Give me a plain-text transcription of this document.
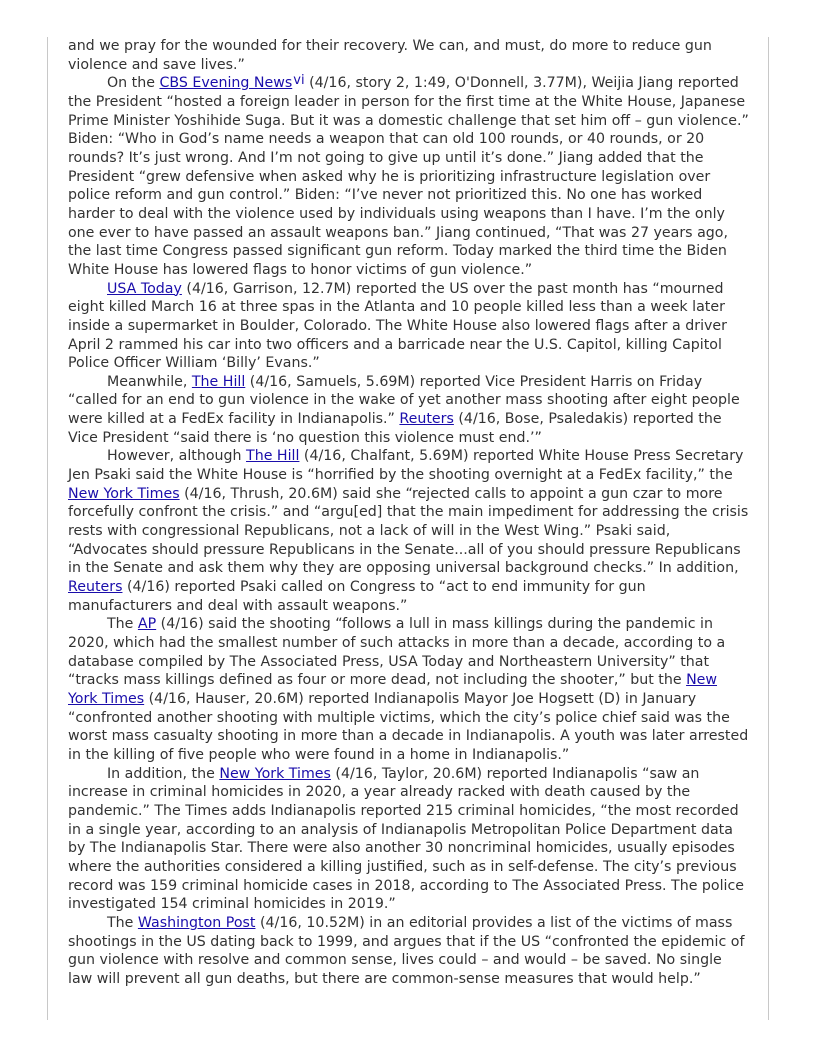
and we pray for the wounded for their recovery. We can, and must, do more to reduce gun violence and save lives.”

On the CBS Evening News$^{vi}$ (4/16, story 2, 1:49, O'Donnell, 3.77M), Weijia Jiang reported the President “hosted a foreign leader in person for the first time at the White House, Japanese Prime Minister Yoshihide Suga. But it was a domestic challenge that set him off – gun violence.” Biden: “Who in God’s name needs a weapon that can old 100 rounds, or 40 rounds, or 20 rounds? It’s just wrong. And I’m not going to give up until it’s done.” Jiang added that the President “grew defensive when asked why he is prioritizing infrastructure legislation over police reform and gun control.” Biden: “I’ve never not prioritized this. No one has worked harder to deal with the violence used by individuals using weapons than I have. I’m the only one ever to have passed an assault weapons ban.” Jiang continued, “That was 27 years ago, the last time Congress passed significant gun reform. Today marked the third time the Biden White House has lowered flags to honor victims of gun violence.”

USA Today (4/16, Garrison, 12.7M) reported the US over the past month has “mourned eight killed March 16 at three spas in the Atlanta and 10 people killed less than a week later inside a supermarket in Boulder, Colorado. The White House also lowered flags after a driver April 2 rammed his car into two officers and a barricade near the U.S. Capitol, killing Capitol Police Officer William ‘Billy’ Evans.”

Meanwhile, The Hill (4/16, Samuels, 5.69M) reported Vice President Harris on Friday “called for an end to gun violence in the wake of yet another mass shooting after eight people were killed at a FedEx facility in Indianapolis.” Reuters (4/16, Bose, Psaledakis) reported the Vice President “said there is ‘no question this violence must end.’”

However, although The Hill (4/16, Chalfant, 5.69M) reported White House Press Secretary Jen Psaki said the White House is “horrified by the shooting overnight at a FedEx facility,” the New York Times (4/16, Thrush, 20.6M) said she “rejected calls to appoint a gun czar to more forcefully confront the crisis.” and “argu[ed] that the main impediment for addressing the crisis rests with congressional Republicans, not a lack of will in the West Wing.” Psaki said, “Advocates should pressure Republicans in the Senate...all of you should pressure Republicans in the Senate and ask them why they are opposing universal background checks.” In addition, Reuters (4/16) reported Psaki called on Congress to “act to end immunity for gun manufacturers and deal with assault weapons.”

The AP (4/16) said the shooting “follows a lull in mass killings during the pandemic in 2020, which had the smallest number of such attacks in more than a decade, according to a database compiled by The Associated Press, USA Today and Northeastern University” that “tracks mass killings defined as four or more dead, not including the shooter,” but the New York Times (4/16, Hauser, 20.6M) reported Indianapolis Mayor Joe Hogsett (D) in January “confronted another shooting with multiple victims, which the city’s police chief said was the worst mass casualty shooting in more than a decade in Indianapolis. A youth was later arrested in the killing of five people who were found in a home in Indianapolis.”

In addition, the New York Times (4/16, Taylor, 20.6M) reported Indianapolis “saw an increase in criminal homicides in 2020, a year already racked with death caused by the pandemic.” The Times adds Indianapolis reported 215 criminal homicides, “the most recorded in a single year, according to an analysis of Indianapolis Metropolitan Police Department data by The Indianapolis Star. There were also another 30 noncriminal homicides, usually episodes where the authorities considered a killing justified, such as in self-defense. The city’s previous record was 159 criminal homicide cases in 2018, according to The Associated Press. The police investigated 154 criminal homicides in 2019.”

The Washington Post (4/16, 10.52M) in an editorial provides a list of the victims of mass shootings in the US dating back to 1999, and argues that if the US “confronted the epidemic of gun violence with resolve and common sense, lives could – and would – be saved. No single law will prevent all gun deaths, but there are common-sense measures that would help.”
